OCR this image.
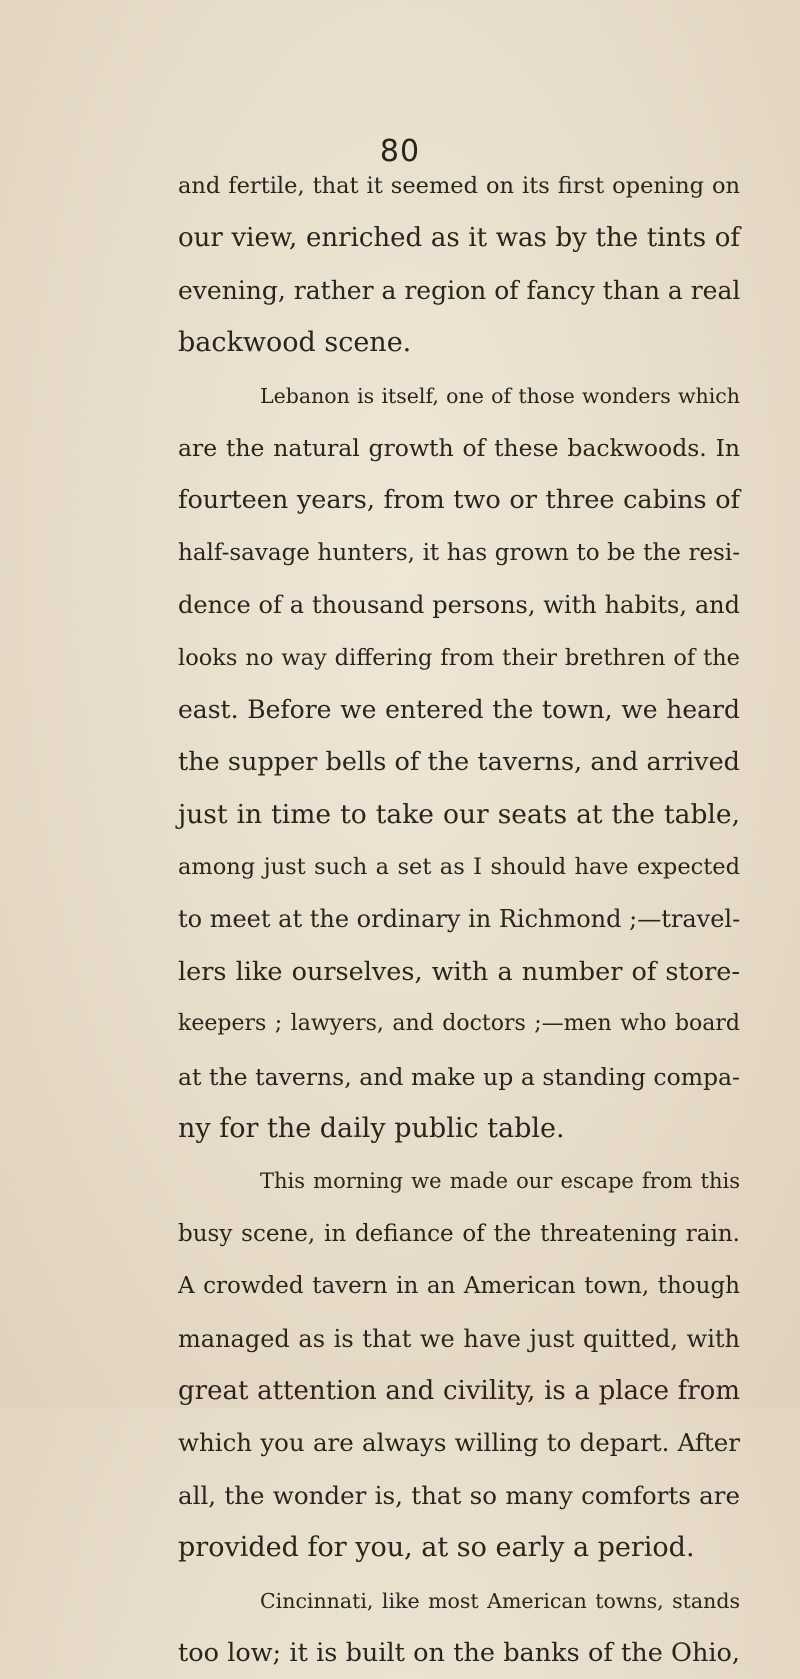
80
and fertile, that it seemed on its first opening on
our view, enriched as it was by the tints of
evening, rather a region of fancy than a real
backwood scene.
Lebanon is itself, one of those wonders which
are the natural growth of these backwoods. In
fourteen years, from two or three cabins of
half-savage hunters, it has grown to be the resi-
dence of a thousand persons, with habits, and
looks no way differing from their brethren of the
east. Before we entered the town, we heard
the supper bells of the taverns, and arrived
just in time to take our seats at the table,
among just such a set as I should have expected
to meet at the ordinary in Richmond ;—travel-
lers like ourselves, with a number of store-
keepers ; lawyers, and doctors ;—men who board
at the taverns, and make up a standing compa-
ny for the daily public table.
This morning we made our escape from this
busy scene, in defiance of the threatening rain.
A crowded tavern in an American town, though
managed as is that we have just quitted, with
great attention and civility, is a place from
which you are always willing to depart. After
all, the wonder is, that so many comforts are
provided for you, at so early a period.
Cincinnati, like most American towns, stands
too low; it is built on the banks of the Ohio,
